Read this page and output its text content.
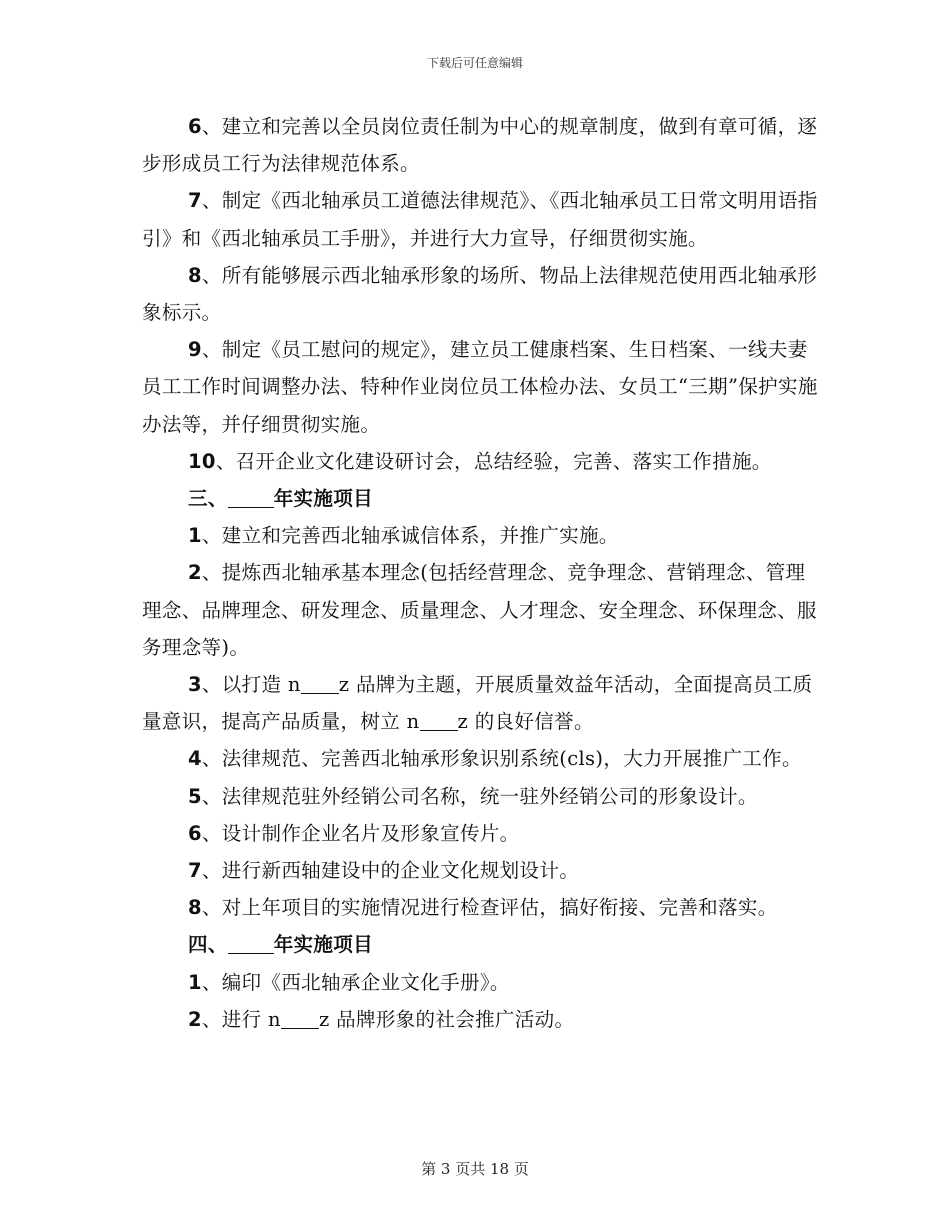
下载后可任意编辑

6、建立和完善以全员岗位责任制为中心的规章制度，做到有章可循，逐步形成员工行为法律规范体系。

7、制定《西北轴承员工道德法律规范》、《西北轴承员工日常文明用语指引》和《西北轴承员工手册》，并进行大力宣导，仔细贯彻实施。

8、所有能够展示西北轴承形象的场所、物品上法律规范使用西北轴承形象标示。

9、制定《员工慰问的规定》，建立员工健康档案、生日档案、一线夫妻员工工作时间调整办法、特种作业岗位员工体检办法、女员工“三期”保护实施办法等，并仔细贯彻实施。

10、召开企业文化建设研讨会，总结经验，完善、落实工作措施。

三、 年实施项目

1、建立和完善西北轴承诚信体系，并推广实施。

2、提炼西北轴承基本理念(包括经营理念、竞争理念、营销理念、管理理念、品牌理念、研发理念、质量理念、人才理念、安全理念、环保理念、服务理念等)。

3、以打造 n z 品牌为主题，开展质量效益年活动，全面提高员工质量意识，提高产品质量，树立 n z 的良好信誉。

4、法律规范、完善西北轴承形象识别系统(cls)，大力开展推广工作。

5、法律规范驻外经销公司名称，统一驻外经销公司的形象设计。

6、设计制作企业名片及形象宣传片。

7、进行新西轴建设中的企业文化规划设计。

8、对上年项目的实施情况进行检查评估，搞好衔接、完善和落实。

四、 年实施项目

1、编印《西北轴承企业文化手册》。

2、进行 n z 品牌形象的社会推广活动。

第 3 页共 18 页
